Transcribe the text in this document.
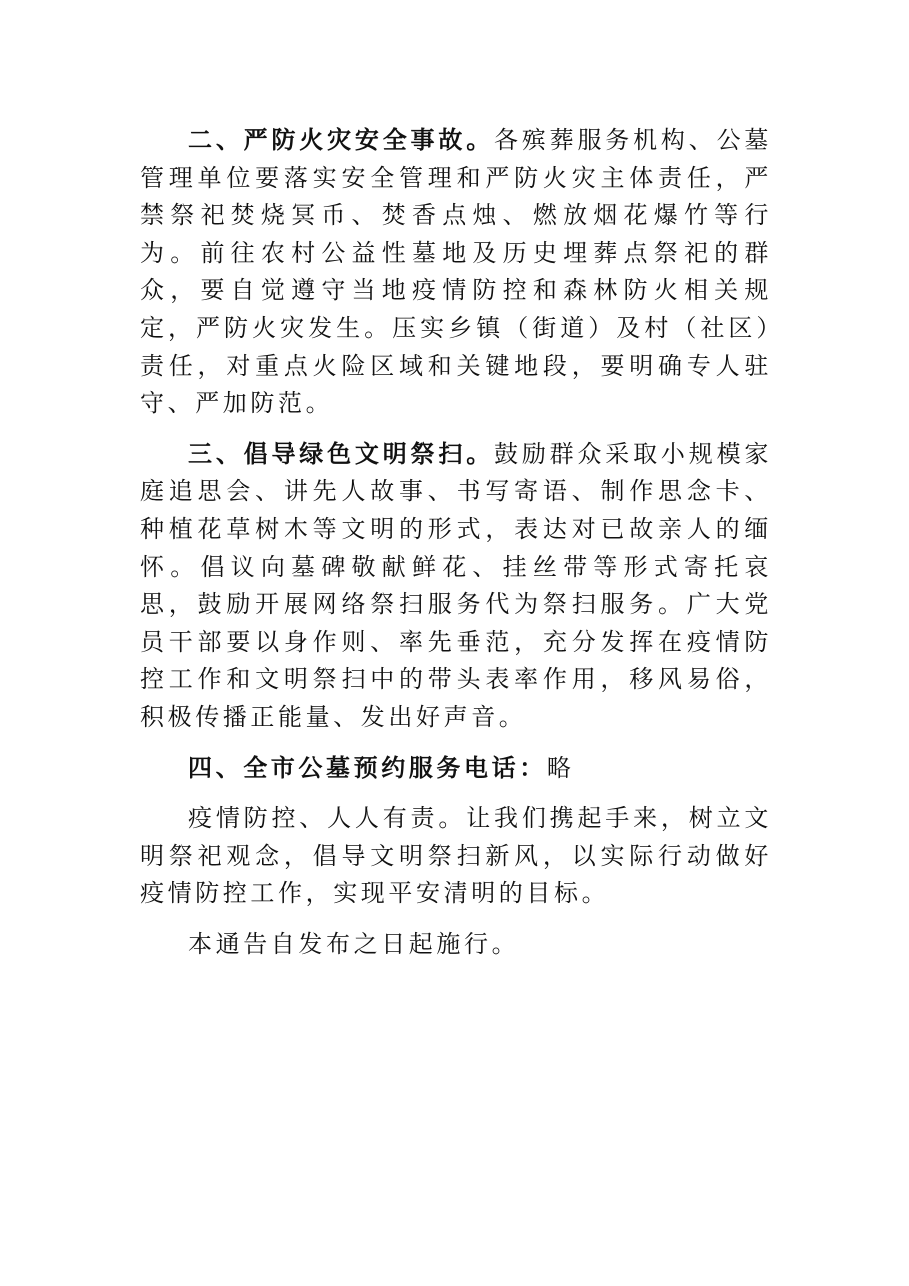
二、严防火灾安全事故。各殡葬服务机构、公墓管理单位要落实安全管理和严防火灾主体责任，严禁祭祀焚烧冥币、焚香点烛、燃放烟花爆竹等行为。前往农村公益性墓地及历史埋葬点祭祀的群众，要自觉遵守当地疫情防控和森林防火相关规定，严防火灾发生。压实乡镇（街道）及村（社区）责任，对重点火险区域和关键地段，要明确专人驻守、严加防范。

三、倡导绿色文明祭扫。鼓励群众采取小规模家庭追思会、讲先人故事、书写寄语、制作思念卡、种植花草树木等文明的形式，表达对已故亲人的缅怀。倡议向墓碑敬献鲜花、挂丝带等形式寄托哀思，鼓励开展网络祭扫服务代为祭扫服务。广大党员干部要以身作则、率先垂范，充分发挥在疫情防控工作和文明祭扫中的带头表率作用，移风易俗，积极传播正能量、发出好声音。

四、全市公墓预约服务电话：略

疫情防控、人人有责。让我们携起手来，树立文明祭祀观念，倡导文明祭扫新风，以实际行动做好疫情防控工作，实现平安清明的目标。

本通告自发布之日起施行。
